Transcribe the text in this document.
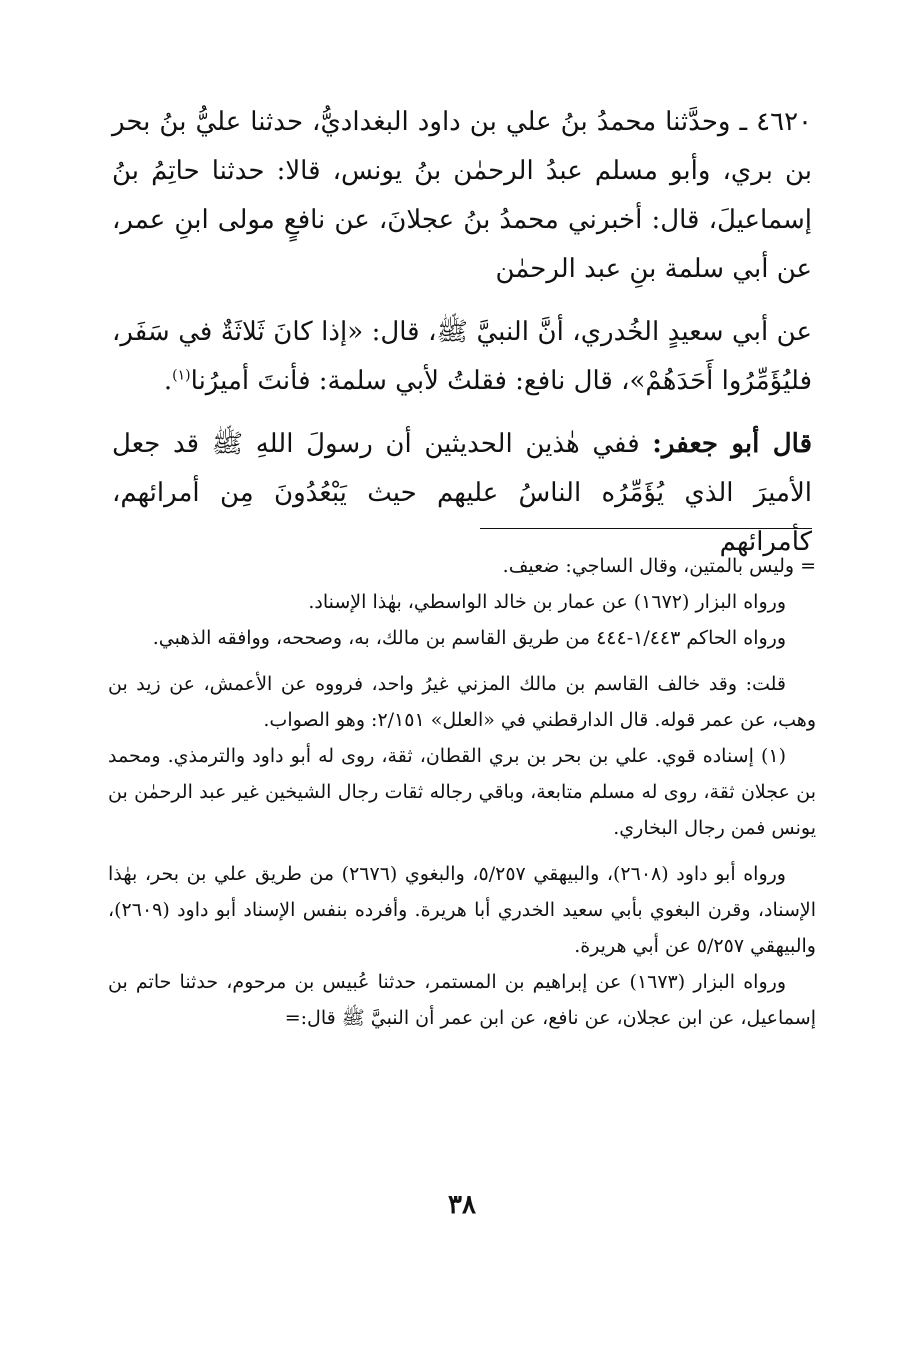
٤٦٢٠ ـ وحدَّثنا محمدُ بنُ علي بن داود البغداديُّ، حدثنا عليُّ بنُ بحر بن بري، وأبو مسلم عبدُ الرحمٰن بنُ يونس، قالا: حدثنا حاتِمُ بنُ إسماعيلَ، قال: أخبرني محمدُ بنُ عجلانَ، عن نافعٍ مولى ابنِ عمر، عن أبي سلمة بنِ عبد الرحمٰن

عن أبي سعيدٍ الخُدري، أنَّ النبيَّ ﷺ، قال: «إذا كانَ ثَلاثَةٌ في سَفَر، فليُؤَمِّرُوا أَحَدَهُمْ»، قال نافع: فقلتُ لأبي سلمة: فأنتَ أميرُنا$^{(١)}$.

قال أبو جعفر: ففي هٰذين الحديثين أن رسولَ اللهِ ﷺ قد جعل الأميرَ الذي يُؤَمِّرُه الناسُ عليهم حيث يَبْعُدُونَ مِن أمرائهم، كأمرائهم

= وليس بالمتين، وقال الساجي: ضعيف.

ورواه البزار (١٦٧٢) عن عمار بن خالد الواسطي، بهٰذا الإسناد.

ورواه الحاكم ١/٤٤٣-٤٤٤ من طريق القاسم بن مالك، به، وصححه، ووافقه الذهبي.

قلت: وقد خالف القاسم بن مالك المزني غيرُ واحد، فرووه عن الأعمش، عن زيد بن وهب، عن عمر قوله. قال الدارقطني في «العلل» ٢/١٥١: وهو الصواب.

(١) إسناده قوي. علي بن بحر بن بري القطان، ثقة، روى له أبو داود والترمذي. ومحمد بن عجلان ثقة، روى له مسلم متابعة، وباقي رجاله ثقات رجال الشيخين غير عبد الرحمٰن بن يونس فمن رجال البخاري.

ورواه أبو داود (٢٦٠٨)، والبيهقي ٥/٢٥٧، والبغوي (٢٦٧٦) من طريق علي بن بحر، بهٰذا الإسناد، وقرن البغوي بأبي سعيد الخدري أبا هريرة. وأفرده بنفس الإسناد أبو داود (٢٦٠٩)، والبيهقي ٥/٢٥٧ عن أبي هريرة.

ورواه البزار (١٦٧٣) عن إبراهيم بن المستمر، حدثنا عُبيس بن مرحوم، حدثنا حاتم بن إسماعيل، عن ابن عجلان، عن نافع، عن ابن عمر أن النبيَّ ﷺ قال:=

٣٨
